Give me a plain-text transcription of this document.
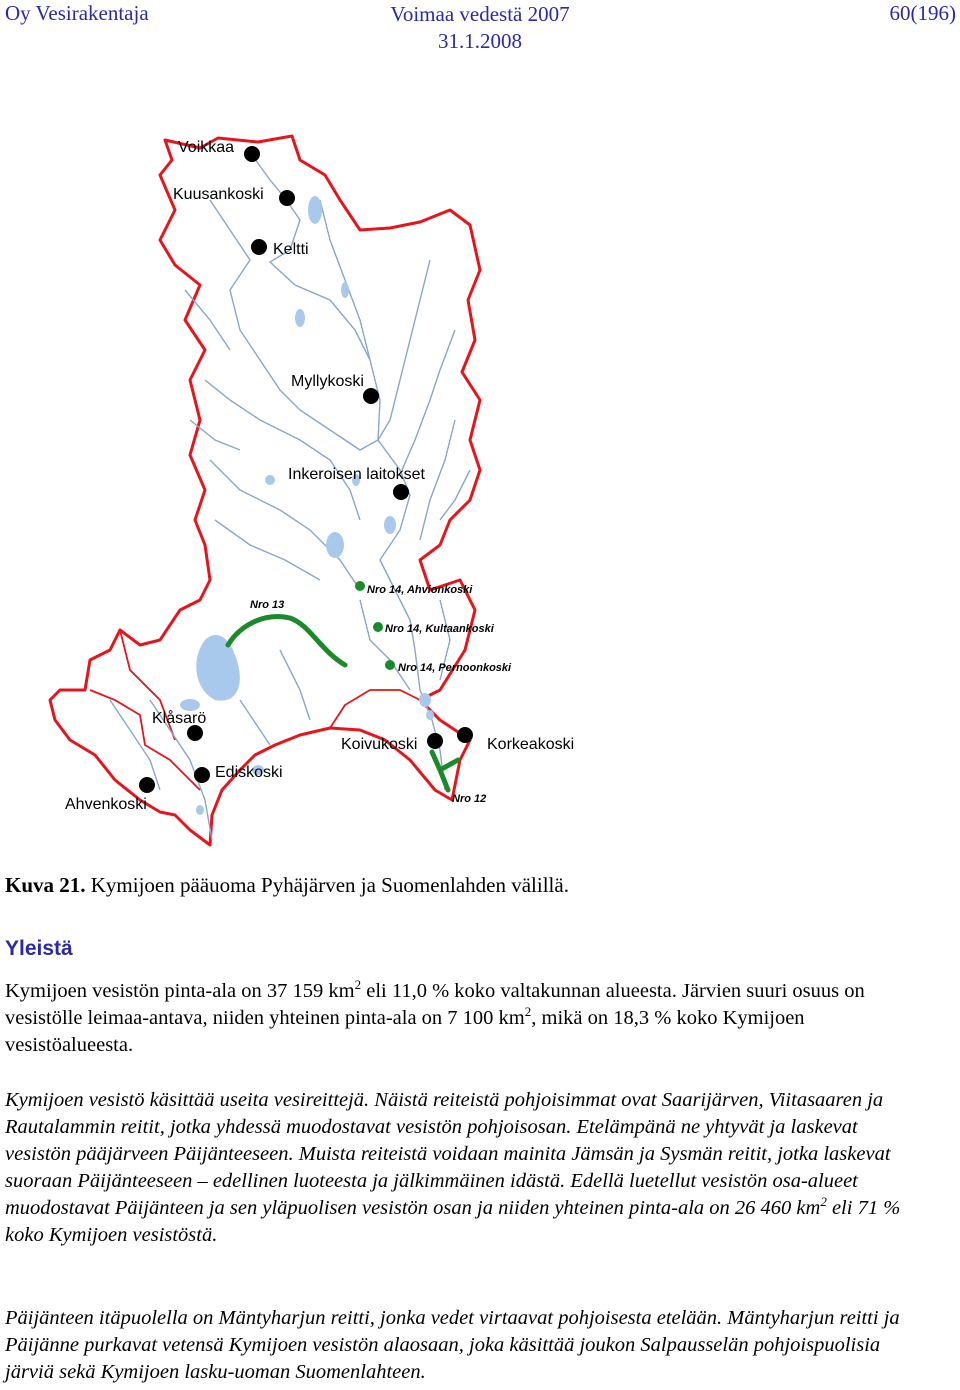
Oy Vesirakentaja	Voimaa vedestä 2007
31.1.2008
60(196)
Voikkaa
Kuusankoski
Keltti
Myllykoski
Inkeroisen laitokset
Nro 14, Ahvionkoski
Nro 13
Nro 14, Kultaankoski
Nro 14, Pernoonkoski
Klåsarö
Koivukoski	Korkeakoski
Ediskoski
Nro 12
Ahvenkoski
Kuva 21. Kymijoen pääuoma Pyhäjärven ja Suomenlahden välillä.
Yleistä
Kymijoen vesistön pinta-ala on 37 159 $km^2$ eli 11,0 % koko valtakunnan alueesta. Järvien suuri osuus on vesistölle leimaa-antava, niiden yhteinen pinta-ala on 7 100 $km^2$, mikä on 18,3 % koko Kymijoen vesistöalueesta.
Kymijoen vesistö käsittää useita vesireittejä. Näistä reiteistä pohjoisimmat ovat Saarijärven, Viitasaaren ja Rautalammin reitit, jotka yhdessä muodostavat vesistön pohjoisosan. Etelämpänä ne yhtyvät ja laskevat vesistön pääjärveen Päijänteeseen. Muista reiteistä voidaan mainita Jämsän ja Sysmän reitit, jotka laskevat suoraan Päijänteeseen – edellinen luoteesta ja jälkimmäinen idästä. Edellä luetellut vesistön osa-alueet muodostavat Päijänteen ja sen yläpuolisen vesistön osan ja niiden yhteinen pinta-ala on 26 460 $km^2$ eli 71 % koko Kymijoen vesistöstä.
Päijänteen itäpuolella on Mäntyharjun reitti, jonka vedet virtaavat pohjoisesta etelään. Mäntyharjun reitti ja Päijänne purkavat vetensä Kymijoen vesistön alaosaan, joka käsittää joukon Salpausselän pohjoispuolisia järviä sekä Kymijoen lasku-uoman Suomenlahteen.
